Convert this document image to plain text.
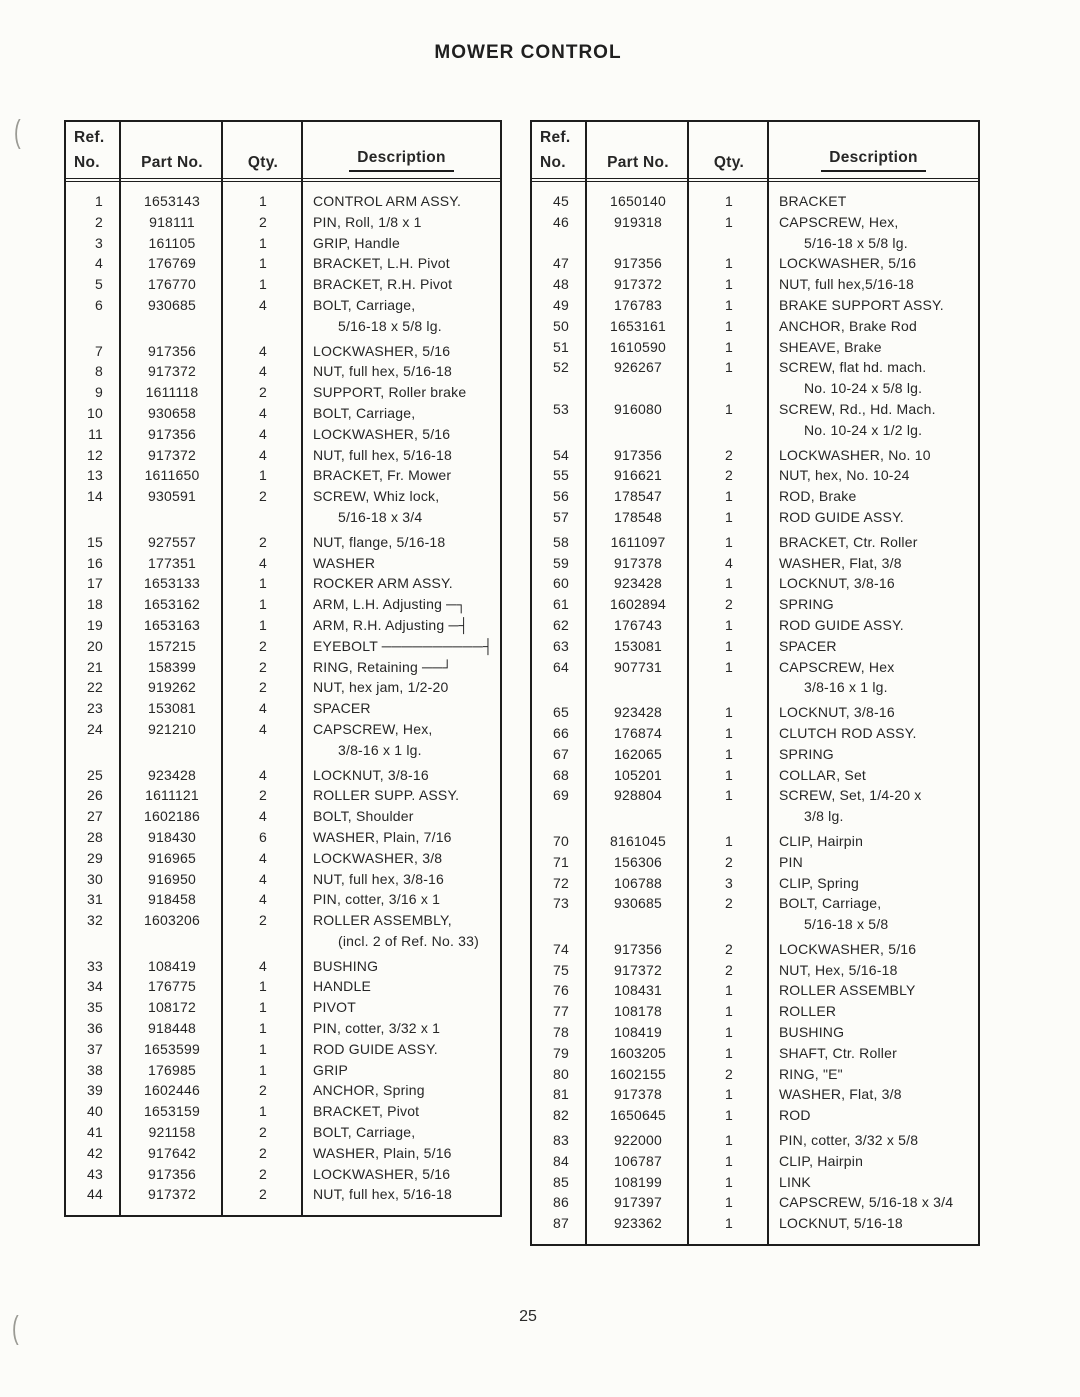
(
(
MOWER CONTROL
Ref.
No.	Part No.	Qty.	Description
1	1653143	1	CONTROL ARM ASSY.
2	918111	2	PIN, Roll, 1/8 x 1
3	161105	1	GRIP, Handle
4	176769	1	BRACKET, L.H. Pivot
5	176770	1	BRACKET, R.H. Pivot
6	930685	4	BOLT, Carriage,
5/16-18 x 5/8 lg.
7	917356	4	LOCKWASHER, 5/16
8	917372	4	NUT, full hex, 5/16-18
9	1611118	2	SUPPORT, Roller brake
10	930658	4	BOLT, Carriage,
11	917356	4	LOCKWASHER, 5/16
12	917372	4	NUT, full hex, 5/16-18
13	1611650	1	BRACKET, Fr. Mower
14	930591	2	SCREW, Whiz lock,
5/16-18 x 3/4
15	927557	2	NUT, flange, 5/16-18
16	177351	4	WASHER
17	1653133	1	ROCKER ARM ASSY.
18	1653162	1	ARM, L.H. Adjusting ─┐
19	1653163	1	ARM, R.H. Adjusting ─┤
20	157215	2	EYEBOLT ──────────┤
21	158399	2	RING, Retaining ──┘
22	919262	2	NUT, hex jam, 1/2-20
23	153081	4	SPACER
24	921210	4	CAPSCREW, Hex,
3/8-16 x 1 lg.
25	923428	4	LOCKNUT, 3/8-16
26	1611121	2	ROLLER SUPP. ASSY.
27	1602186	4	BOLT, Shoulder
28	918430	6	WASHER, Plain, 7/16
29	916965	4	LOCKWASHER, 3/8
30	916950	4	NUT, full hex, 3/8-16
31	918458	4	PIN, cotter, 3/16 x 1
32	1603206	2	ROLLER ASSEMBLY,
(incl. 2 of Ref. No. 33)
33	108419	4	BUSHING
34	176775	1	HANDLE
35	108172	1	PIVOT
36	918448	1	PIN, cotter, 3/32 x 1
37	1653599	1	ROD GUIDE ASSY.
38	176985	1	GRIP
39	1602446	2	ANCHOR, Spring
40	1653159	1	BRACKET, Pivot
41	921158	2	BOLT, Carriage,
42	917642	2	WASHER, Plain, 5/16
43	917356	2	LOCKWASHER, 5/16
44	917372	2	NUT, full hex, 5/16-18
Ref.
No.	Part No.	Qty.	Description
45	1650140	1	BRACKET
46	919318	1	CAPSCREW, Hex,
5/16-18 x 5/8 lg.
47	917356	1	LOCKWASHER, 5/16
48	917372	1	NUT, full hex,5/16-18
49	176783	1	BRAKE SUPPORT ASSY.
50	1653161	1	ANCHOR, Brake Rod
51	1610590	1	SHEAVE, Brake
52	926267	1	SCREW, flat hd. mach.
No. 10-24 x 5/8 lg.
53	916080	1	SCREW, Rd., Hd. Mach.
No. 10-24 x 1/2 lg.
54	917356	2	LOCKWASHER, No. 10
55	916621	2	NUT, hex, No. 10-24
56	178547	1	ROD, Brake
57	178548	1	ROD GUIDE ASSY.
58	1611097	1	BRACKET, Ctr. Roller
59	917378	4	WASHER, Flat, 3/8
60	923428	1	LOCKNUT, 3/8-16
61	1602894	2	SPRING
62	176743	1	ROD GUIDE ASSY.
63	153081	1	SPACER
64	907731	1	CAPSCREW, Hex
3/8-16 x 1 lg.
65	923428	1	LOCKNUT, 3/8-16
66	176874	1	CLUTCH ROD ASSY.
67	162065	1	SPRING
68	105201	1	COLLAR, Set
69	928804	1	SCREW, Set, 1/4-20 x
3/8 lg.
70	8161045	1	CLIP, Hairpin
71	156306	2	PIN
72	106788	3	CLIP, Spring
73	930685	2	BOLT, Carriage,
5/16-18 x 5/8
74	917356	2	LOCKWASHER, 5/16
75	917372	2	NUT, Hex, 5/16-18
76	108431	1	ROLLER ASSEMBLY
77	108178	1	ROLLER
78	108419	1	BUSHING
79	1603205	1	SHAFT, Ctr. Roller
80	1602155	2	RING, "E"
81	917378	1	WASHER, Flat, 3/8
82	1650645	1	ROD
83	922000	1	PIN, cotter, 3/32 x 5/8
84	106787	1	CLIP, Hairpin
85	108199	1	LINK
86	917397	1	CAPSCREW, 5/16-18 x 3/4
87	923362	1	LOCKNUT, 5/16-18
25
